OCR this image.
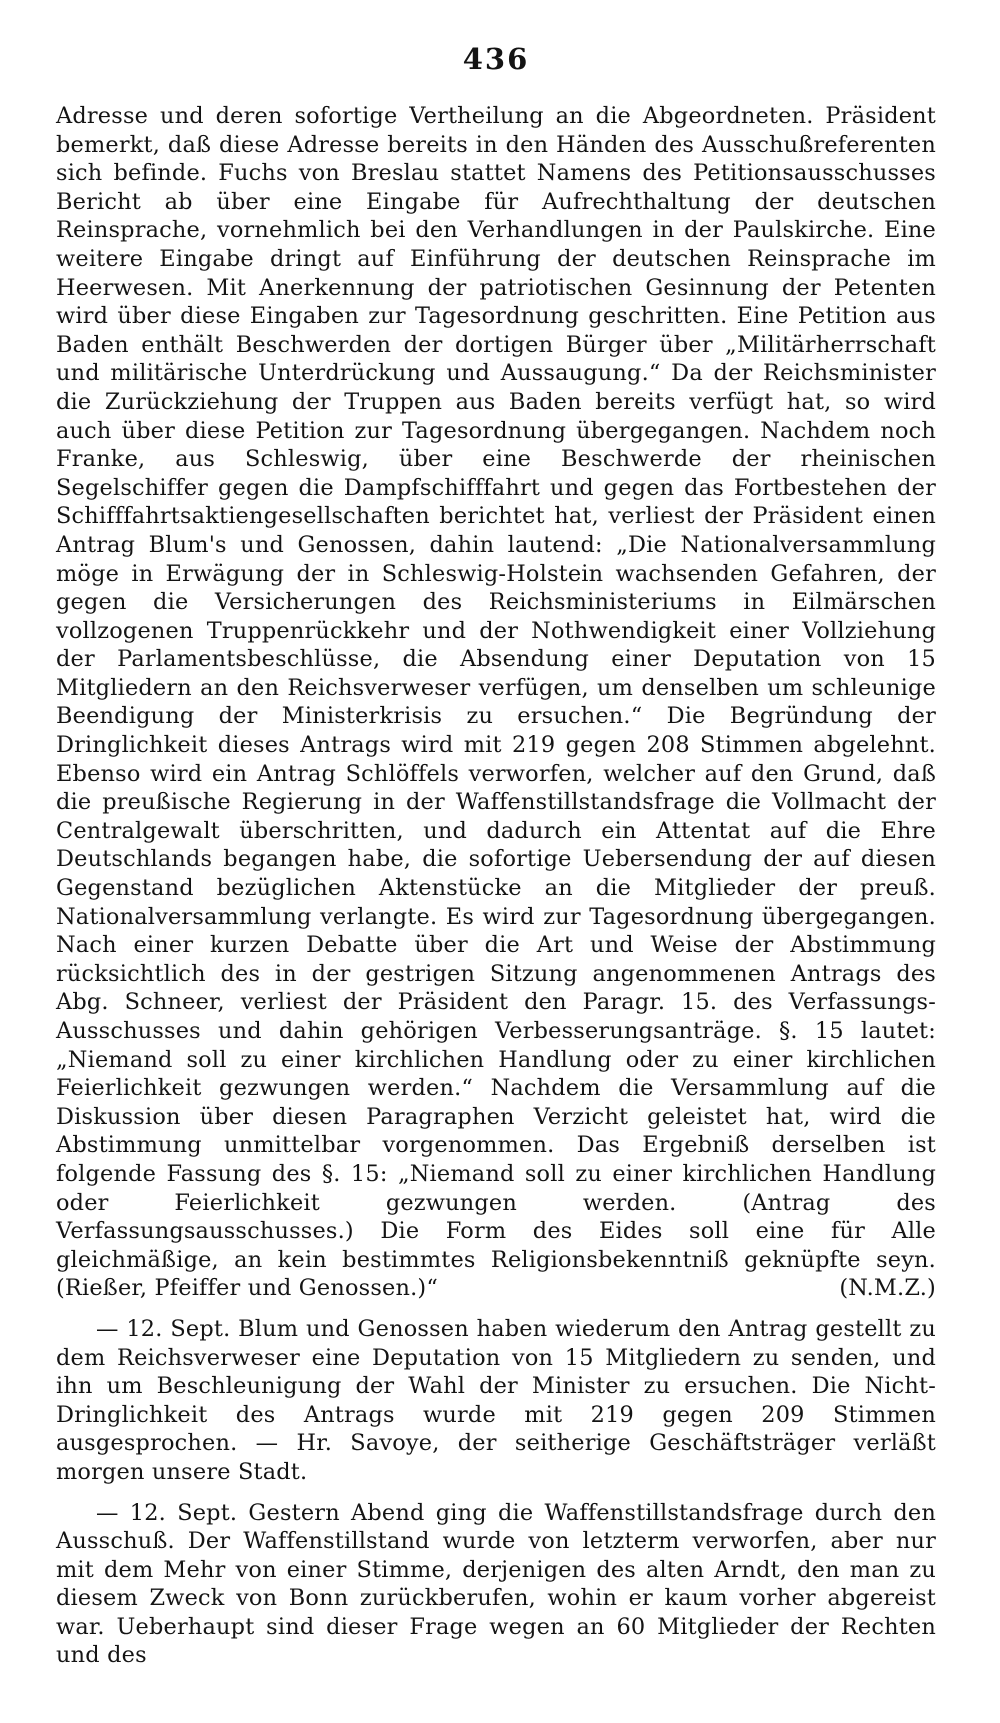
436

Adresse und deren sofortige Vertheilung an die Abgeordneten. Präsident bemerkt, daß diese Adresse bereits in den Händen des Ausschußreferenten sich befinde. Fuchs von Breslau stattet Namens des Petitionsausschusses Bericht ab über eine Eingabe für Aufrechthaltung der deutschen Reinsprache, vornehmlich bei den Verhandlungen in der Paulskirche. Eine weitere Eingabe dringt auf Einführung der deutschen Reinsprache im Heerwesen. Mit Anerkennung der patriotischen Gesinnung der Petenten wird über diese Eingaben zur Tagesordnung geschritten. Eine Petition aus Baden enthält Beschwerden der dortigen Bürger über „Militärherrschaft und militärische Unterdrückung und Aussaugung.“ Da der Reichsminister die Zurückziehung der Truppen aus Baden bereits verfügt hat, so wird auch über diese Petition zur Tagesordnung übergegangen. Nachdem noch Franke, aus Schleswig, über eine Beschwerde der rheinischen Segelschiffer gegen die Dampfschifffahrt und gegen das Fortbestehen der Schifffahrtsaktiengesellschaften berichtet hat, verliest der Präsident einen Antrag Blum's und Genossen, dahin lautend: „Die Nationalversammlung möge in Erwägung der in Schleswig-Holstein wachsenden Gefahren, der gegen die Versicherungen des Reichsministeriums in Eilmärschen vollzogenen Truppenrückkehr und der Nothwendigkeit einer Vollziehung der Parlamentsbeschlüsse, die Absendung einer Deputation von 15 Mitgliedern an den Reichsverweser verfügen, um denselben um schleunige Beendigung der Ministerkrisis zu ersuchen.“ Die Begründung der Dringlichkeit dieses Antrags wird mit 219 gegen 208 Stimmen abgelehnt. Ebenso wird ein Antrag Schlöffels verworfen, welcher auf den Grund, daß die preußische Regierung in der Waffenstillstandsfrage die Vollmacht der Centralgewalt überschritten, und dadurch ein Attentat auf die Ehre Deutschlands begangen habe, die sofortige Uebersendung der auf diesen Gegenstand bezüglichen Aktenstücke an die Mitglieder der preuß. Nationalversammlung verlangte. Es wird zur Tagesordnung übergegangen. Nach einer kurzen Debatte über die Art und Weise der Abstimmung rücksichtlich des in der gestrigen Sitzung angenommenen Antrags des Abg. Schneer, verliest der Präsident den Paragr. 15. des Verfassungs-Ausschusses und dahin gehörigen Verbesserungsanträge. §. 15 lautet: „Niemand soll zu einer kirchlichen Handlung oder zu einer kirchlichen Feierlichkeit gezwungen werden.“ Nachdem die Versammlung auf die Diskussion über diesen Paragraphen Verzicht geleistet hat, wird die Abstimmung unmittelbar vorgenommen. Das Ergebniß derselben ist folgende Fassung des §. 15: „Niemand soll zu einer kirchlichen Handlung oder Feierlichkeit gezwungen werden. (Antrag des Verfassungsausschusses.) Die Form des Eides soll eine für Alle gleichmäßige, an kein bestimmtes Religionsbekenntniß geknüpfte seyn. (Rießer, Pfeiffer und Genossen.)“	(N.M.Z.)

— 12. Sept. Blum und Genossen haben wiederum den Antrag gestellt zu dem Reichsverweser eine Deputation von 15 Mitgliedern zu senden, und ihn um Beschleunigung der Wahl der Minister zu ersuchen. Die Nicht-Dringlichkeit des Antrags wurde mit 219 gegen 209 Stimmen ausgesprochen. — Hr. Savoye, der seitherige Geschäftsträger verläßt morgen unsere Stadt.

— 12. Sept. Gestern Abend ging die Waffenstillstandsfrage durch den Ausschuß. Der Waffenstillstand wurde von letzterm verworfen, aber nur mit dem Mehr von einer Stimme, derjenigen des alten Arndt, den man zu diesem Zweck von Bonn zurückberufen, wohin er kaum vorher abgereist war. Ueberhaupt sind dieser Frage wegen an 60 Mitglieder der Rechten und des
